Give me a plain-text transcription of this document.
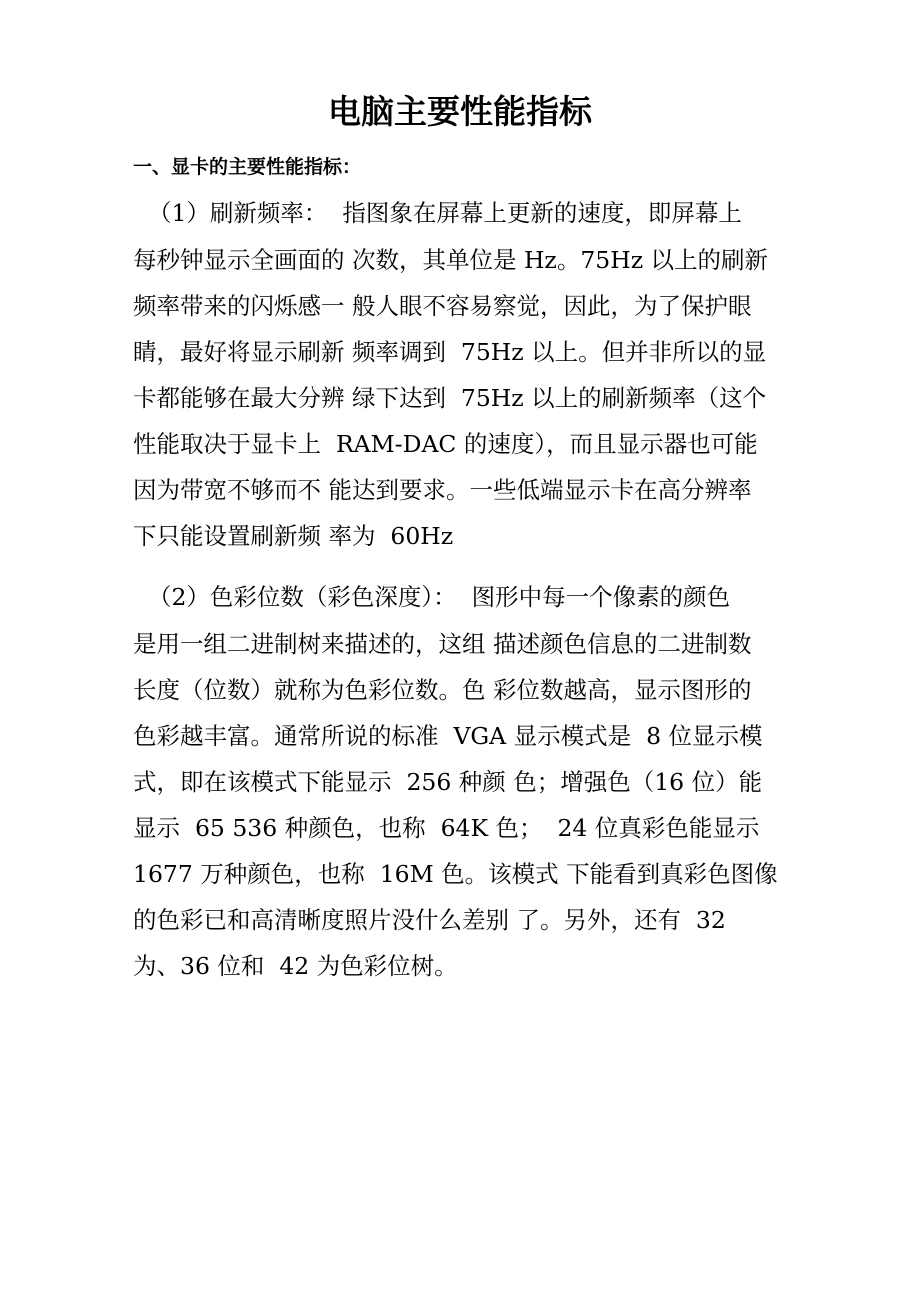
电脑主要性能指标
一、显卡的主要性能指标：
（1）刷新频率：  指图象在屏幕上更新的速度，即屏幕上
每秒钟显示全画面的 次数，其单位是 Hz。75Hz 以上的刷新
频率带来的闪烁感一 般人眼不容易察觉，因此，为了保护眼
睛，最好将显示刷新 频率调到  75Hz 以上。但并非所以的显
卡都能够在最大分辨 绿下达到  75Hz 以上的刷新频率（这个
性能取决于显卡上  RAM-DAC 的速度），而且显示器也可能
因为带宽不够而不 能达到要求。一些低端显示卡在高分辨率
下只能设置刷新频 率为  60Hz
（2）色彩位数（彩色深度）：  图形中每一个像素的颜色
是用一组二进制树来描述的，这组 描述颜色信息的二进制数
长度（位数）就称为色彩位数。色 彩位数越高，显示图形的
色彩越丰富。通常所说的标准  VGA 显示模式是  8 位显示模
式，即在该模式下能显示  256 种颜 色；增强色（16 位）能
显示  65 536 种颜色，也称  64K 色；  24 位真彩色能显示
1677 万种颜色，也称  16M 色。该模式 下能看到真彩色图像
的色彩已和高清晰度照片没什么差别 了。另外，还有  32
为、36 位和  42 为色彩位树。
